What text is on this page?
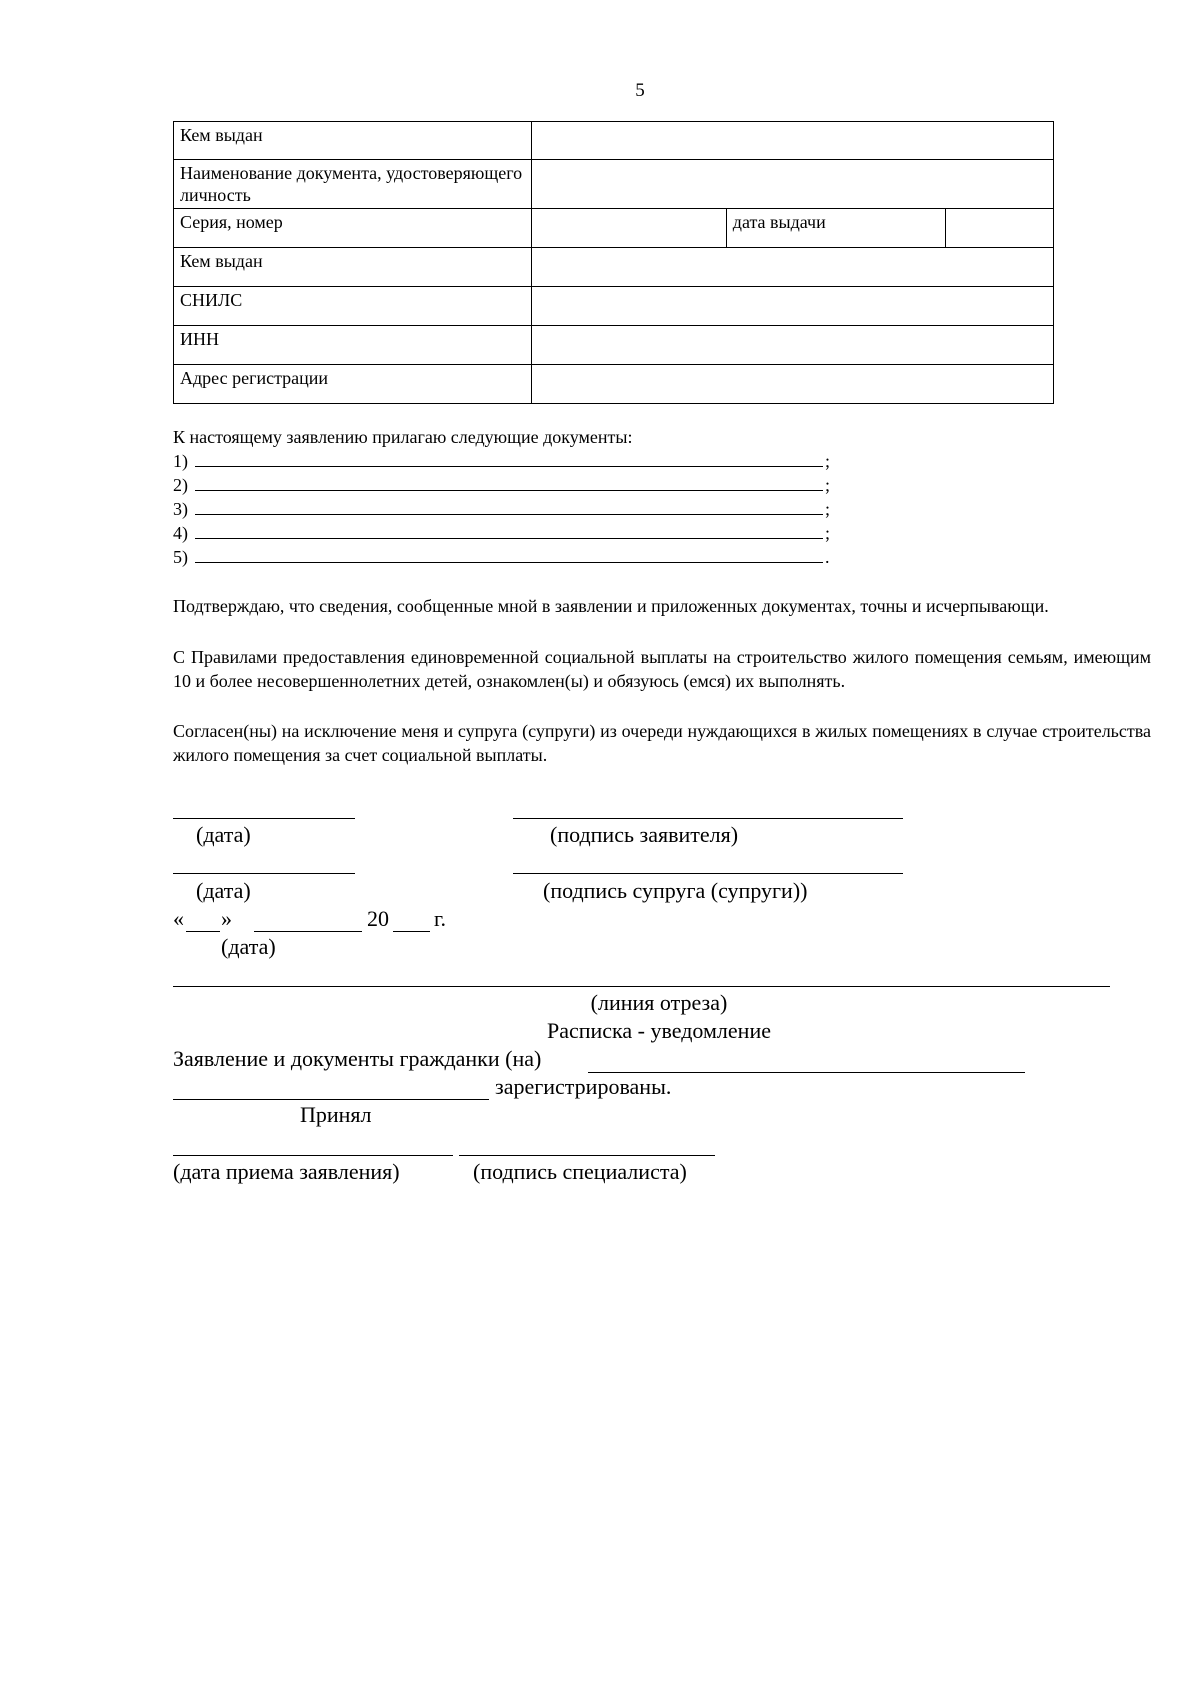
5
Кем выдан			
Наименование документа, удостоверяющего личность			
Серия, номер		дата выдачи	
Кем выдан			
СНИЛС			
ИНН			
Адрес регистрации			
К настоящему заявлению прилагаю следующие документы:
1)	;
2)	;
3)	;
4)	;
5)	.
Подтверждаю, что сведения, сообщенные мной в заявлении и приложенных документах, точны и исчерпывающи.
С Правилами предоставления единовременной социальной выплаты на строительство жилого помещения семьям, имеющим 10 и более несовершеннолетних детей, ознакомлен(ы) и обязуюсь (емся) их выполнять.
Согласен(ны) на исключение меня и супруга (супруги) из очереди нуждающихся в жилых помещениях в случае строительства жилого помещения за счет социальной выплаты.
(дата)	(подпись заявителя)
(дата)	(подпись супруга (супруги))
« »	20 г.
(дата)
(линия отреза)
Расписка - уведомление
Заявление и документы гражданки (на)
зарегистрированы.
Принял
(дата приема заявления)	(подпись специалиста)
